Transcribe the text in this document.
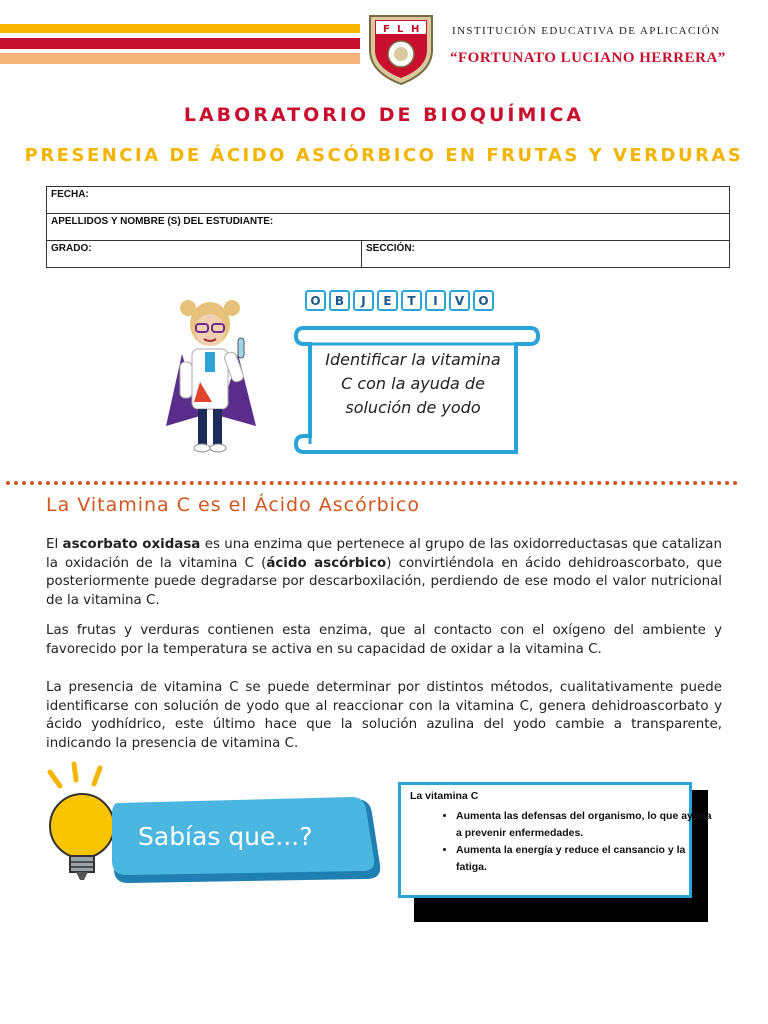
F L H	INSTITUCIÓN EDUCATIVA DE APLICACIÓN
“FORTUNATO LUCIANO HERRERA”
LABORATORIO DE BIOQUÍMICA
PRESENCIA DE ÁCIDO ASCÓRBICO EN FRUTAS Y VERDURAS
FECHA:
APELLIDOS Y NOMBRE (S) DEL ESTUDIANTE:
GRADO:	SECCIÓN:
O	B	J	E	T	I	V	O
Identificar la vitamina C con la ayuda de solución de yodo
La Vitamina C es el Ácido Ascórbico

El ascorbato oxidasa es una enzima que pertenece al grupo de las oxidorreductasas que catalizan la oxidación de la vitamina C (ácido ascórbico) convirtiéndola en ácido dehidroascorbato, que posteriormente puede degradarse por descarboxilación, perdiendo de ese modo el valor nutricional de la vitamina C.

Las frutas y verduras contienen esta enzima, que al contacto con el oxígeno del ambiente y favorecido por la temperatura se activa en su capacidad de oxidar a la vitamina C.

La presencia de vitamina C se puede determinar por distintos métodos, cualitativamente puede identificarse con solución de yodo que al reaccionar con la vitamina C, genera dehidroascorbato y ácido yodhídrico, este último hace que la solución azulina del yodo cambie a transparente, indicando la presencia de vitamina C.

Sabías que...?
La vitamina C
• Aumenta las defensas del organismo, lo que ayuda a prevenir enfermedades.
• Aumenta la energía y reduce el cansancio y la fatiga.
